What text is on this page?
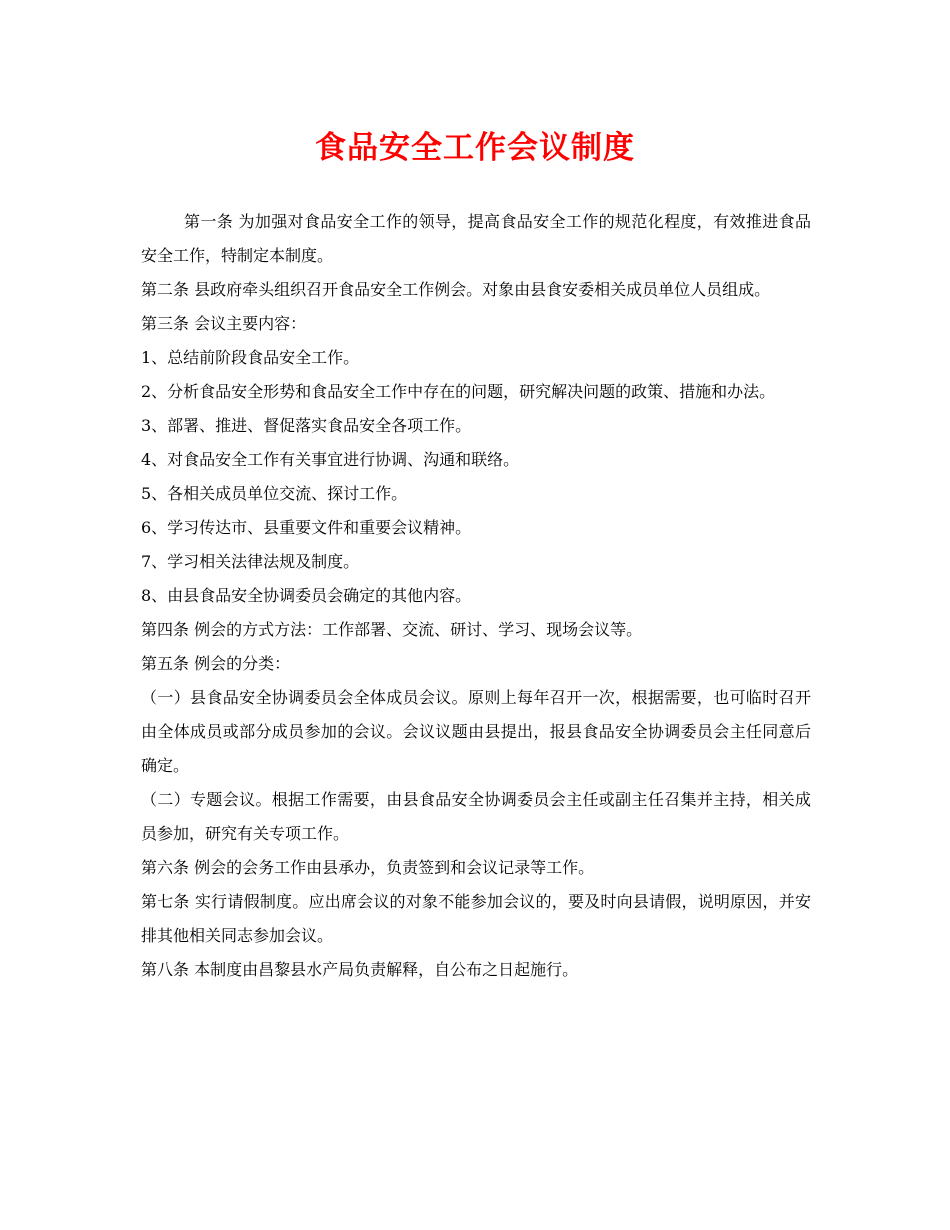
食品安全工作会议制度

第一条 为加强对食品安全工作的领导，提高食品安全工作的规范化程度，有效推进食品安全工作，特制定本制度。

第二条 县政府牵头组织召开食品安全工作例会。对象由县食安委相关成员单位人员组成。

第三条 会议主要内容：

1、总结前阶段食品安全工作。

2、分析食品安全形势和食品安全工作中存在的问题，研究解决问题的政策、措施和办法。

3、部署、推进、督促落实食品安全各项工作。

4、对食品安全工作有关事宜进行协调、沟通和联络。

5、各相关成员单位交流、探讨工作。

6、学习传达市、县重要文件和重要会议精神。

7、学习相关法律法规及制度。

8、由县食品安全协调委员会确定的其他内容。

第四条 例会的方式方法：工作部署、交流、研讨、学习、现场会议等。

第五条 例会的分类：

（一）县食品安全协调委员会全体成员会议。原则上每年召开一次，根据需要，也可临时召开由全体成员或部分成员参加的会议。会议议题由县提出，报县食品安全协调委员会主任同意后确定。

（二）专题会议。根据工作需要，由县食品安全协调委员会主任或副主任召集并主持，相关成员参加，研究有关专项工作。

第六条 例会的会务工作由县承办，负责签到和会议记录等工作。

第七条 实行请假制度。应出席会议的对象不能参加会议的，要及时向县请假，说明原因，并安排其他相关同志参加会议。

第八条 本制度由昌黎县水产局负责解释，自公布之日起施行。
